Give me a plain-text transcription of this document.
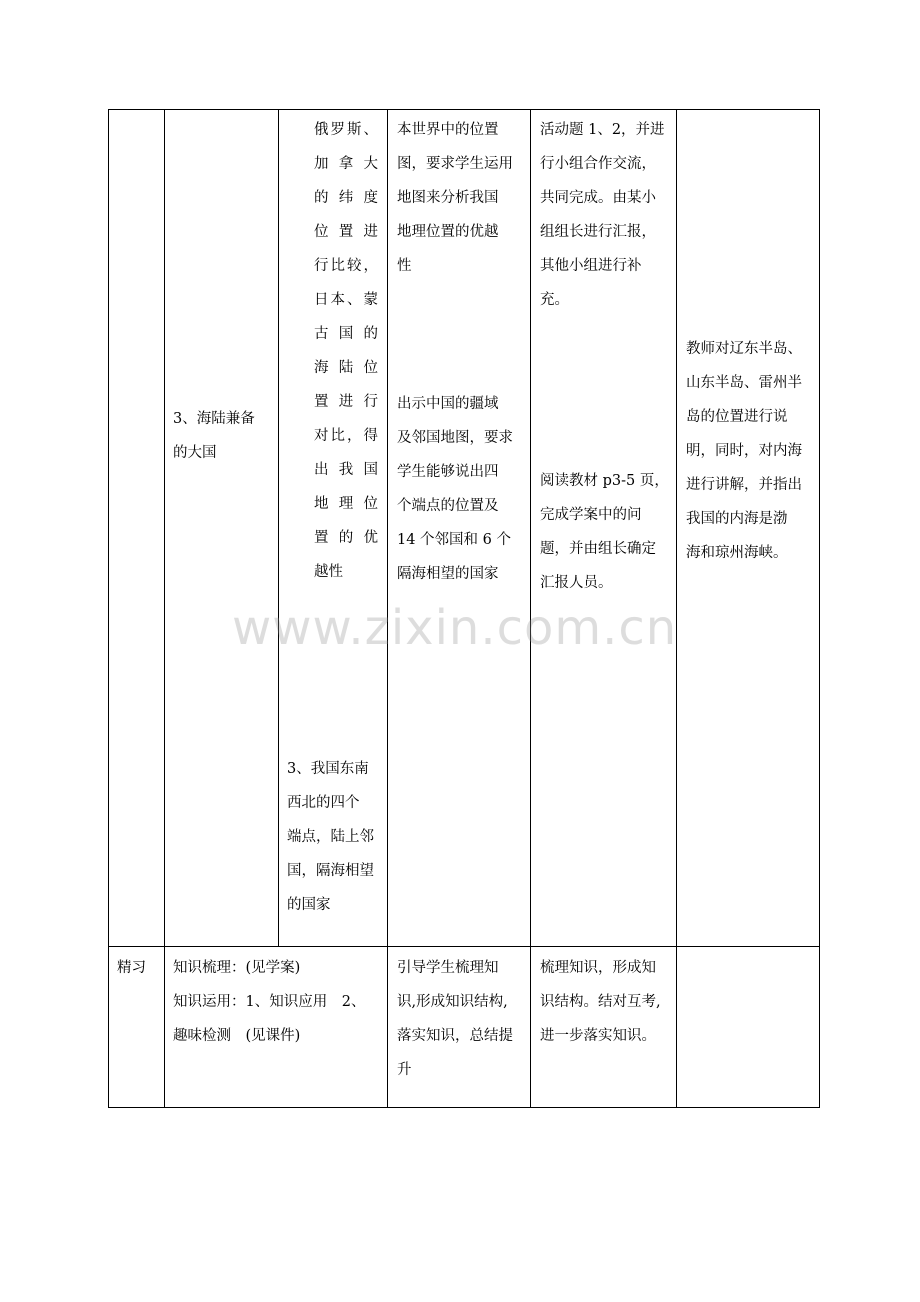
3、海陆兼备
的大国
俄罗斯、
加 拿 大
的 纬 度
位 置 进
行比较，
日本、蒙
古 国 的
海 陆 位
置 进 行
对比，得
出 我 国
地 理 位
置 的 优
越性
3、我国东南
西北的四个
端点，陆上邻
国，隔海相望
的国家
本世界中的位置
图，要求学生运用
地图来分析我国
地理位置的优越
性
出示中国的疆域
及邻国地图，要求
学生能够说出四
个端点的位置及
14 个邻国和 6 个
隔海相望的国家
活动题 1、2，并进
行小组合作交流，
共同完成。由某小
组组长进行汇报，
其他小组进行补
充。
阅读教材 p3-5 页，
完成学案中的问
题，并由组长确定
汇报人员。
教师对辽东半岛、
山东半岛、雷州半
岛的位置进行说
明，同时，对内海
进行讲解，并指出
我国的内海是渤
海和琼州海峡。
精习	知识梳理：(见学案)
知识运用：1、知识应用　2、
趣味检测　(见课件)
引导学生梳理知
识,形成知识结构,
落实知识，总结提
升
梳理知识，形成知
识结构。结对互考,
进一步落实知识。
www.zixin.com.cn
